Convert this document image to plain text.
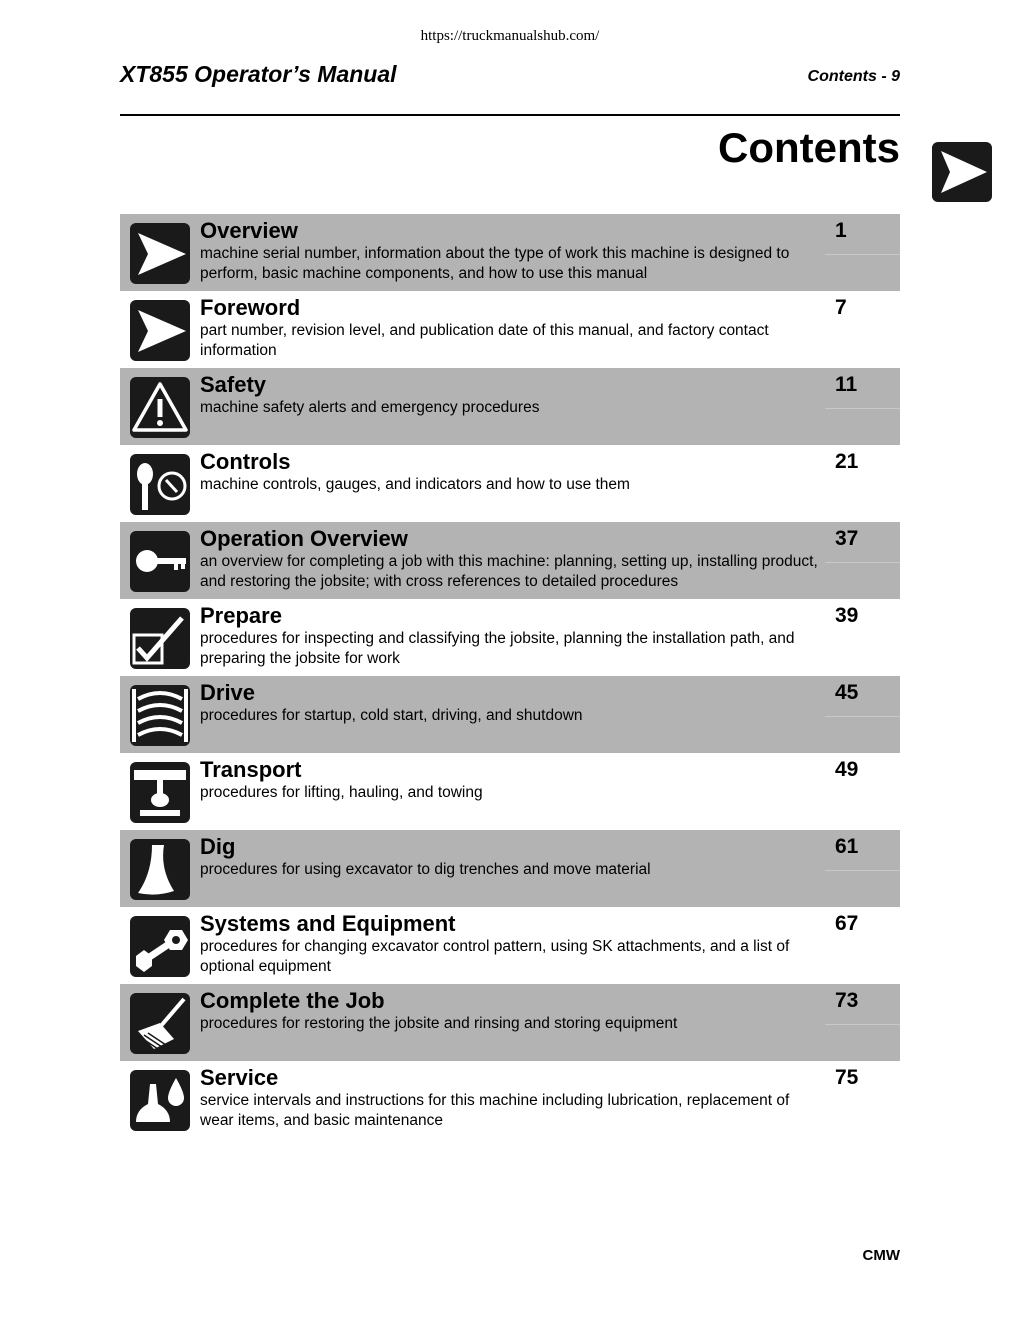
https://truckmanualshub.com/
XT855 Operator’s Manual	Contents - 9
Contents
Overview
machine serial number, information about the type of work this machine is designed to perform, basic machine components, and how to use this manual
1
Foreword
part number, revision level, and publication date of this manual, and factory contact information
7
Safety
machine safety alerts and emergency procedures
11
Controls
machine controls, gauges, and indicators and how to use them
21
Operation Overview
an overview for completing a job with this machine: planning, setting up, installing product, and restoring the jobsite; with cross references to detailed procedures
37
Prepare
procedures for inspecting and classifying the jobsite, planning the installation path, and preparing the jobsite for work
39
Drive
procedures for startup, cold start, driving, and shutdown
45
Transport
procedures for lifting, hauling, and towing
49
Dig
procedures for using excavator to dig trenches and move material
61
Systems and Equipment
procedures for changing excavator control pattern, using SK attachments, and a list of optional equipment
67
Complete the Job
procedures for restoring the jobsite and rinsing and storing equipment
73
Service
service intervals and instructions for this machine including lubrication, replacement of wear items, and basic maintenance
75
CMW
